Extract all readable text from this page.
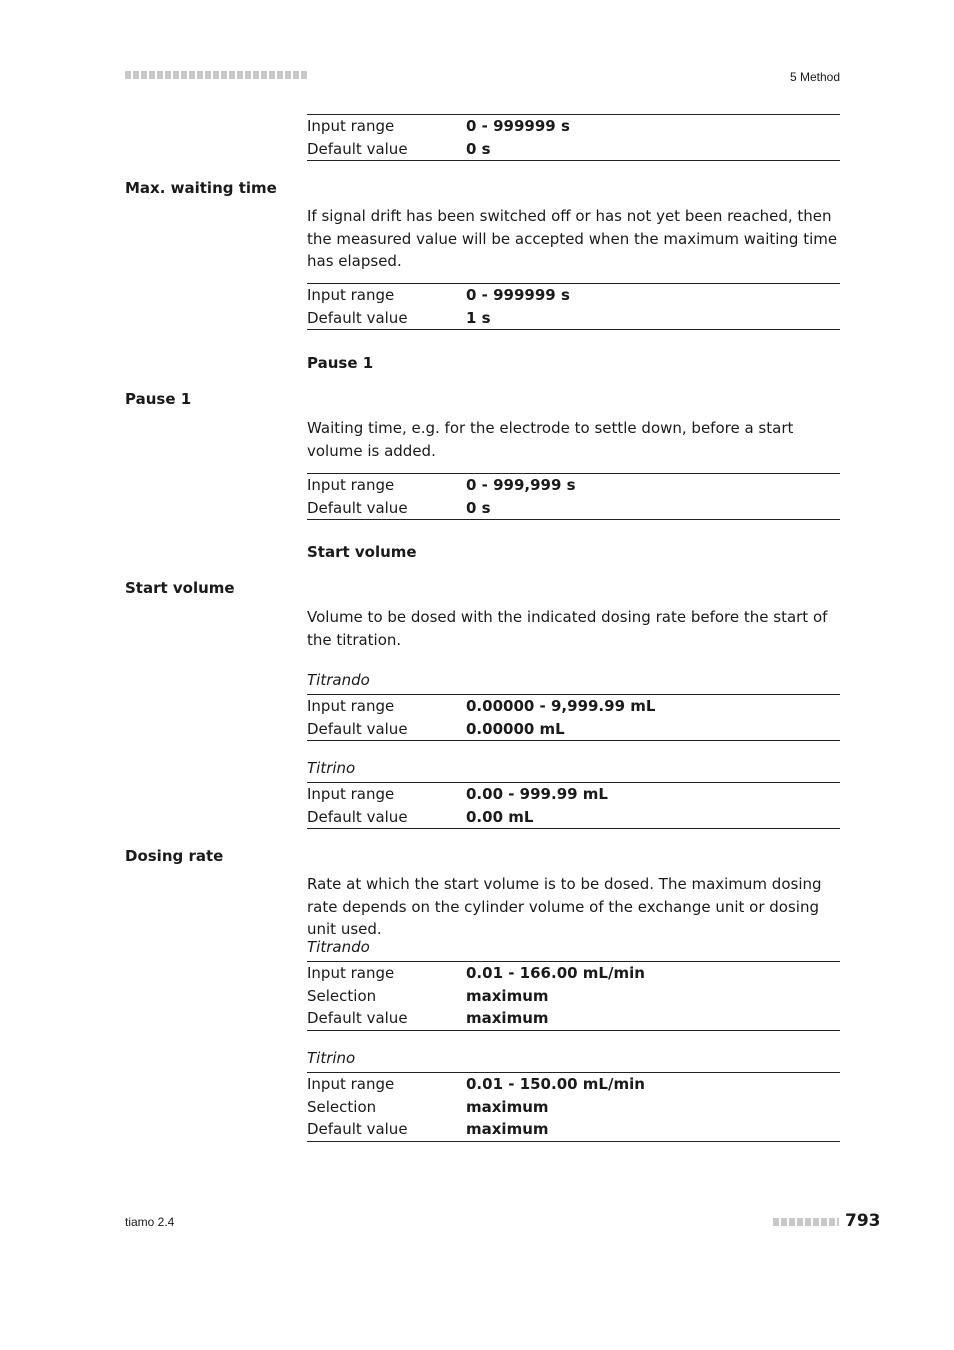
5 Method
Input range	0 - 999999 s
Default value	0 s
Max. waiting time
If signal drift has been switched off or has not yet been reached, then the measured value will be accepted when the maximum waiting time has elapsed.
Input range	0 - 999999 s
Default value	1 s
Pause 1
Pause 1
Waiting time, e.g. for the electrode to settle down, before a start volume is added.
Input range	0 - 999,999 s
Default value	0 s
Start volume
Start volume
Volume to be dosed with the indicated dosing rate before the start of the titration.
Titrando
Input range	0.00000 - 9,999.99 mL
Default value	0.00000 mL
Titrino
Input range	0.00 - 999.99 mL
Default value	0.00 mL
Dosing rate
Rate at which the start volume is to be dosed. The maximum dosing rate depends on the cylinder volume of the exchange unit or dosing unit used.
Titrando
Input range	0.01 - 166.00 mL/min
Selection	maximum
Default value	maximum
Titrino
Input range	0.01 - 150.00 mL/min
Selection	maximum
Default value	maximum
tiamo 2.4	793
